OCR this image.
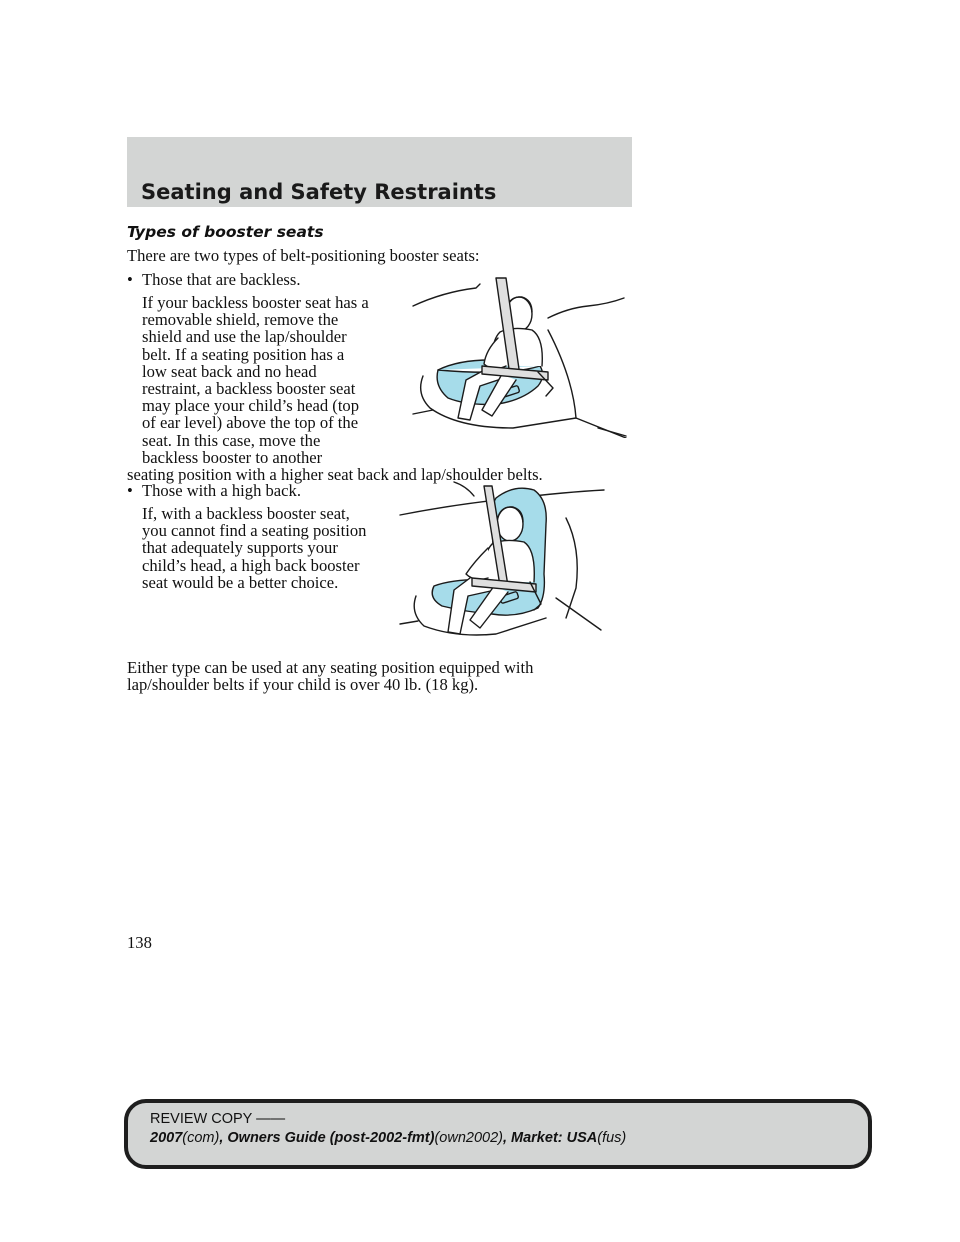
Seating and Safety Restraints
Types of booster seats

There are two types of belt-positioning booster seats:

• Those that are backless.
If your backless booster seat has a
removable shield, remove the
shield and use the lap/shoulder
belt. If a seating position has a
low seat back and no head
restraint, a backless booster seat
may place your child’s head (top
of ear level) above the top of the
seat. In this case, move the
backless booster to another
seating position with a higher seat back and lap/shoulder belts.
• Those with a high back.
If, with a backless booster seat,
you cannot find a seating position
that adequately supports your
child’s head, a high back booster
seat would be a better choice.
Either type can be used at any seating position equipped with
lap/shoulder belts if your child is over 40 lb. (18 kg).
138
REVIEW COPY ——
2007(com), Owners Guide (post-2002-fmt)(own2002), Market: USA(fus)
